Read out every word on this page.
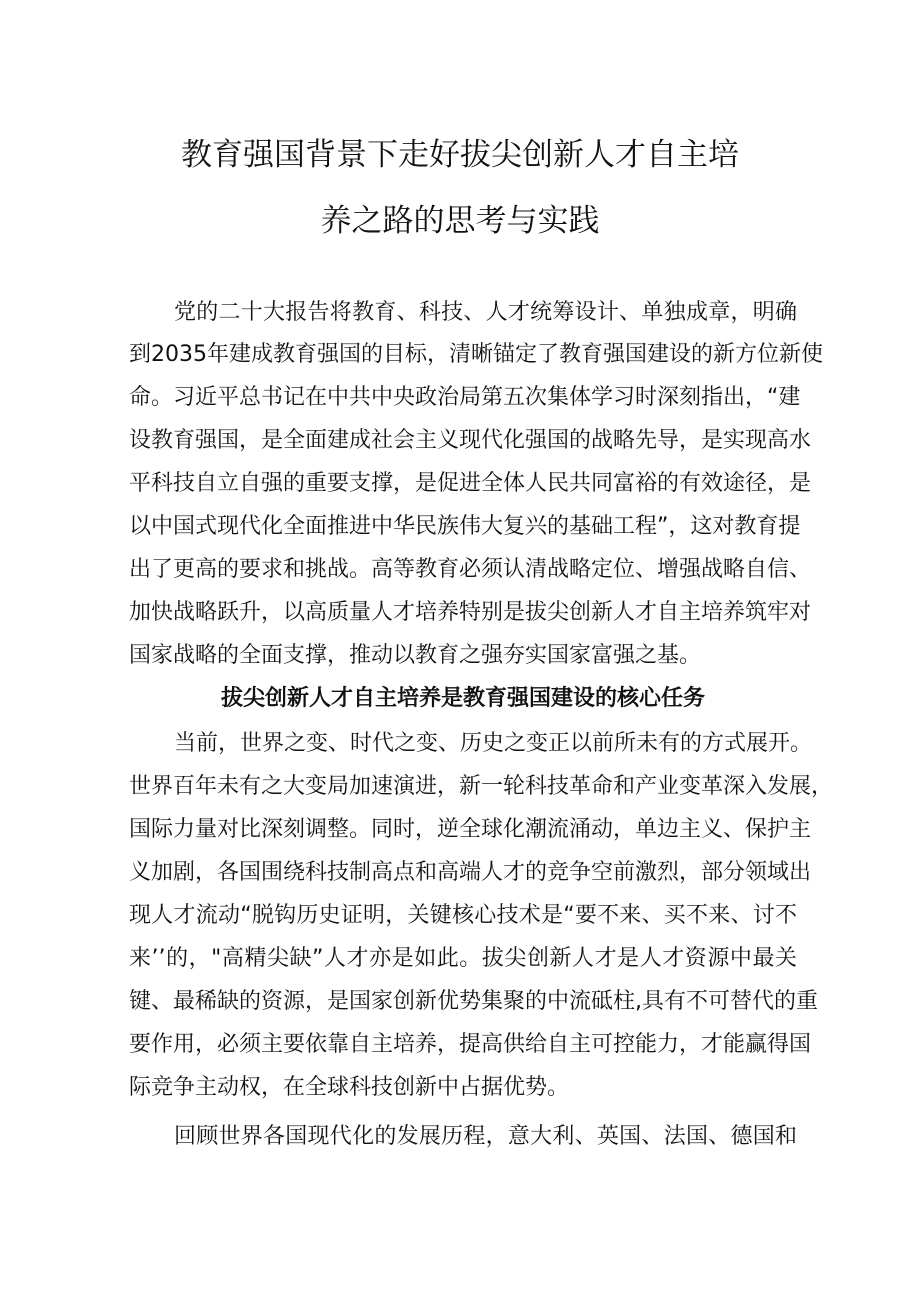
教育强国背景下走好拔尖创新人才自主培
养之路的思考与实践

党的二十大报告将教育、科技、人才统筹设计、单独成章，明确

到2035年建成教育强国的目标，清晰锚定了教育强国建设的新方位新使

命。习近平总书记在中共中央政治局第五次集体学习时深刻指出，“建

设教育强国，是全面建成社会主义现代化强国的战略先导，是实现高水

平科技自立自强的重要支撑，是促进全体人民共同富裕的有效途径，是

以中国式现代化全面推进中华民族伟大复兴的基础工程”，这对教育提

出了更高的要求和挑战。高等教育必须认清战略定位、增强战略自信、

加快战略跃升，以高质量人才培养特别是拔尖创新人才自主培养筑牢对

国家战略的全面支撑，推动以教育之强夯实国家富强之基。

拔尖创新人才自主培养是教育强国建设的核心任务

当前，世界之变、时代之变、历史之变正以前所未有的方式展开。

世界百年未有之大变局加速演进，新一轮科技革命和产业变革深入发展，

国际力量对比深刻调整。同时，逆全球化潮流涌动，单边主义、保护主

义加剧，各国围绕科技制高点和高端人才的竞争空前激烈，部分领域出

现人才流动“脱钩历史证明，关键核心技术是“要不来、买不来、讨不

来’’的，"高精尖缺”人才亦是如此。拔尖创新人才是人才资源中最关

键、最稀缺的资源，是国家创新优势集聚的中流砥柱,具有不可替代的重

要作用，必须主要依靠自主培养，提高供给自主可控能力，才能赢得国

际竞争主动权，在全球科技创新中占据优势。

回顾世界各国现代化的发展历程，意大利、英国、法国、德国和
